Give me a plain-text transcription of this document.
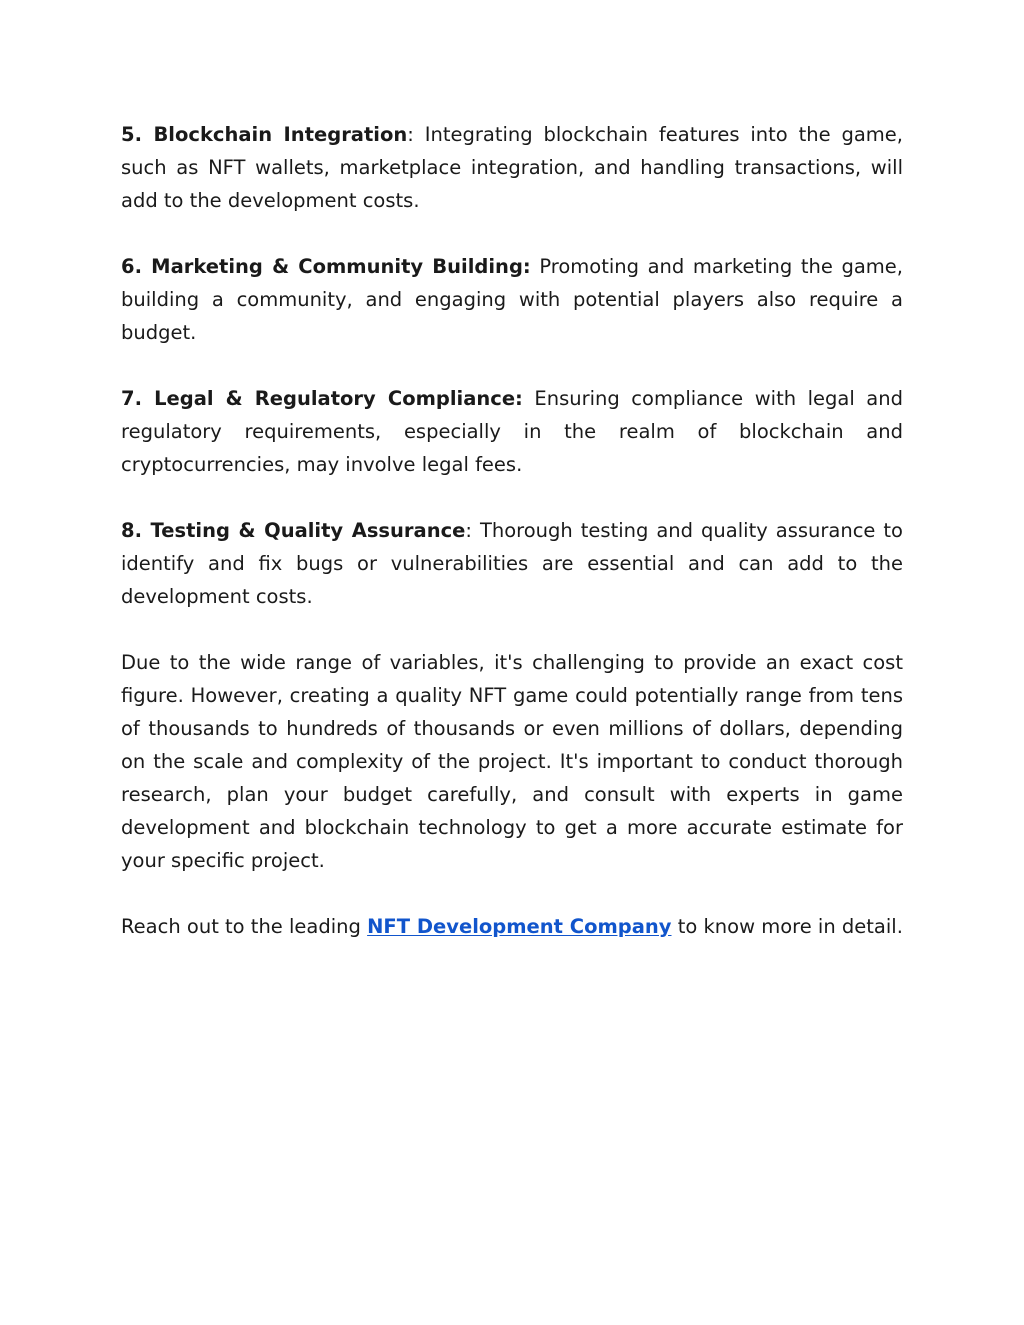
5. Blockchain Integration: Integrating blockchain features into the game, such as NFT wallets, marketplace integration, and handling transactions, will add to the development costs.

6. Marketing & Community Building: Promoting and marketing the game, building a community, and engaging with potential players also require a budget.

7. Legal & Regulatory Compliance: Ensuring compliance with legal and regulatory requirements, especially in the realm of blockchain and cryptocurrencies, may involve legal fees.

8. Testing & Quality Assurance: Thorough testing and quality assurance to identify and fix bugs or vulnerabilities are essential and can add to the development costs.

Due to the wide range of variables, it's challenging to provide an exact cost figure. However, creating a quality NFT game could potentially range from tens of thousands to hundreds of thousands or even millions of dollars, depending on the scale and complexity of the project. It's important to conduct thorough research, plan your budget carefully, and consult with experts in game development and blockchain technology to get a more accurate estimate for your specific project.

Reach out to the leading NFT Development Company to know more in detail.
